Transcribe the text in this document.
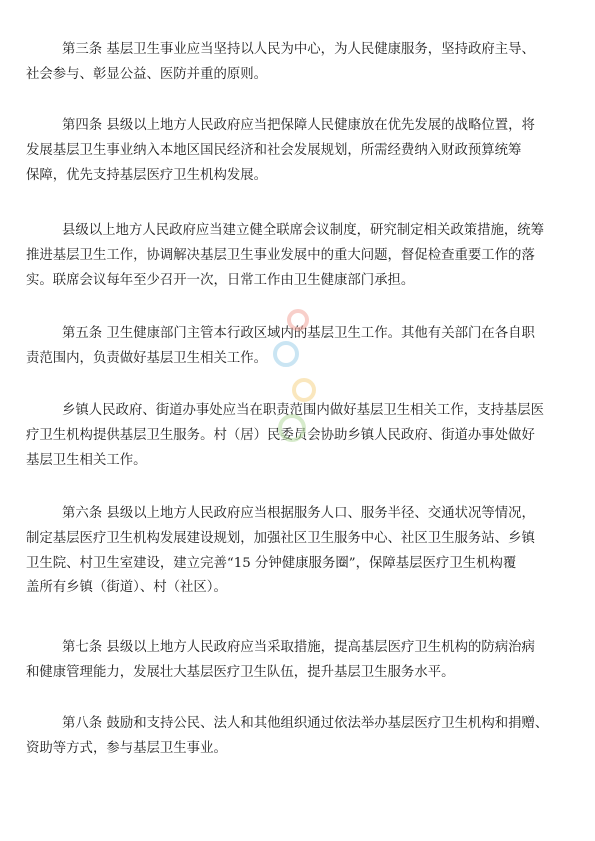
第三条 基层卫生事业应当坚持以人民为中心，为人民健康服务，坚持政府主导、
社会参与、彰显公益、医防并重的原则。
第四条 县级以上地方人民政府应当把保障人民健康放在优先发展的战略位置，将
发展基层卫生事业纳入本地区国民经济和社会发展规划，所需经费纳入财政预算统筹
保障，优先支持基层医疗卫生机构发展。
县级以上地方人民政府应当建立健全联席会议制度，研究制定相关政策措施，统筹
推进基层卫生工作，协调解决基层卫生事业发展中的重大问题，督促检查重要工作的落
实。联席会议每年至少召开一次，日常工作由卫生健康部门承担。
第五条 卫生健康部门主管本行政区域内的基层卫生工作。其他有关部门在各自职
责范围内，负责做好基层卫生相关工作。
乡镇人民政府、街道办事处应当在职责范围内做好基层卫生相关工作，支持基层医
疗卫生机构提供基层卫生服务。村（居）民委员会协助乡镇人民政府、街道办事处做好
基层卫生相关工作。
第六条 县级以上地方人民政府应当根据服务人口、服务半径、交通状况等情况，
制定基层医疗卫生机构发展建设规划，加强社区卫生服务中心、社区卫生服务站、乡镇
卫生院、村卫生室建设，建立完善“15 分钟健康服务圈”，保障基层医疗卫生机构覆
盖所有乡镇（街道）、村（社区）。
第七条 县级以上地方人民政府应当采取措施，提高基层医疗卫生机构的防病治病
和健康管理能力，发展壮大基层医疗卫生队伍，提升基层卫生服务水平。
第八条 鼓励和支持公民、法人和其他组织通过依法举办基层医疗卫生机构和捐赠、
资助等方式，参与基层卫生事业。
